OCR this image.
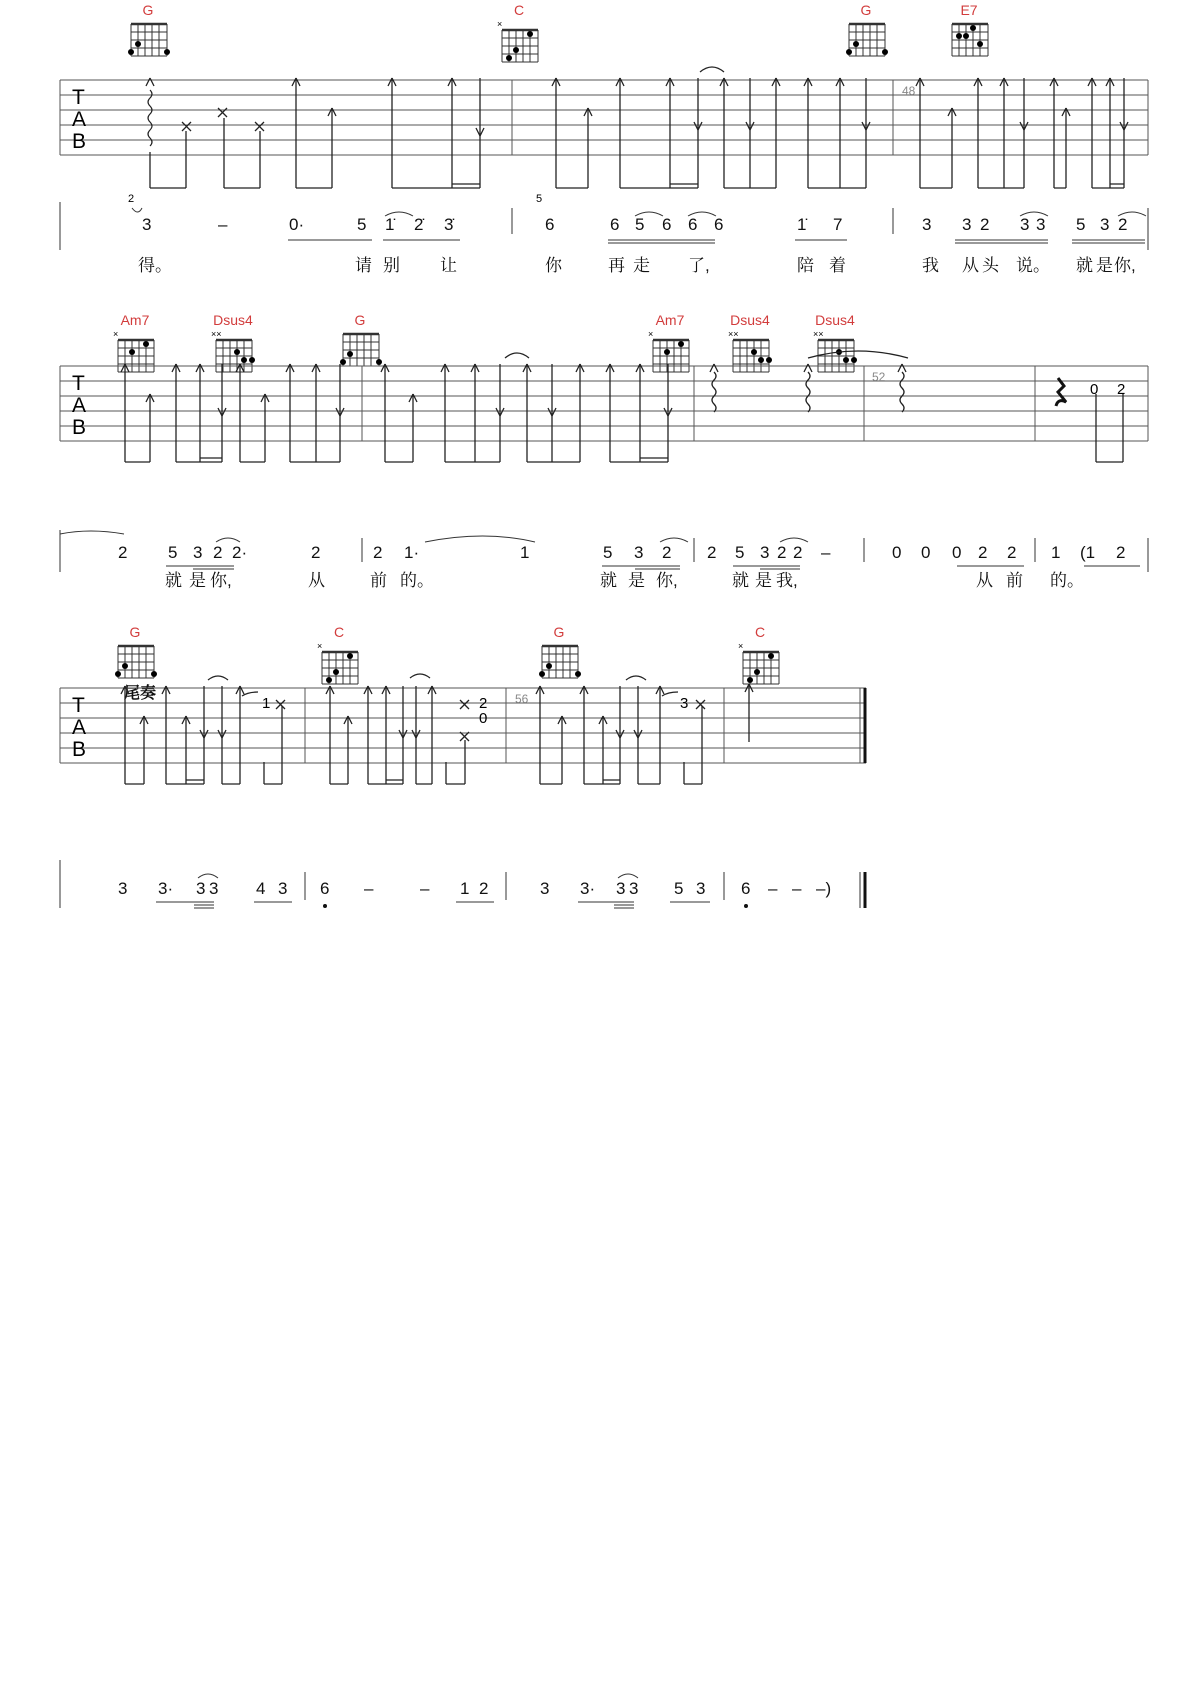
G	C
×
G	E7
T
A
B
48
2	5
3	–	0·	5 1̇ 2̇ 3̇	6	6 5 6 6 6	1̇ 7	3 3 2 3 3 5 3 2
得。	请 别 让	你	再 走 了,	陪 着	我 从 头 说。 就 是 你,
Am7
×
Dsus4
××
G	Am7
×
Dsus4
××
Dsus4
××
T
A
B
0 2
52
2 5 3 2 2·	2	2 1·	1	5 3 2 2 5 3 2 2 –	0 0 0 2 2 1 (1 2
就 是 你,	从	前 的。	就 是 你,	就 是 我,	从 前 的。
G
尾奏
C
×
G	C
×
T
A
B
1	2
0
3
56
3 3· 3 3 4 3 6 –	– 1 2	3 3· 3 3 5 3 6 – – –)
